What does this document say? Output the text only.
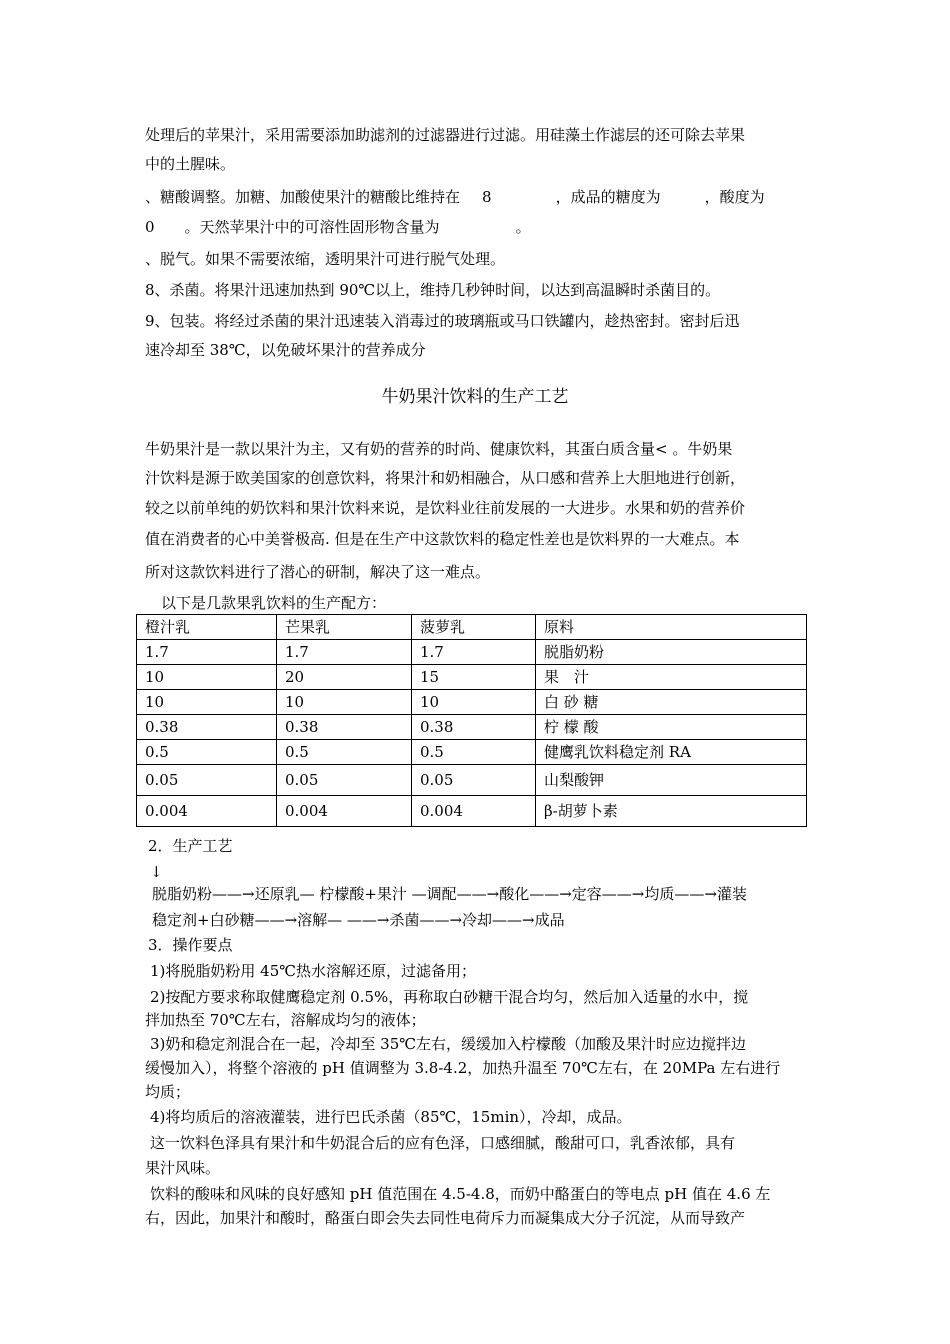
处理后的苹果汁，采用需要添加助滤剂的过滤器进行过滤。用硅藻土作滤层的还可除去苹果
中的土腥味。
、糖酸调整。加糖、加酸使果汁的糖酸比维持在 8	，成品的糖度为	，酸度为
0 。天然苹果汁中的可溶性固形物含量为	。
、脱气。如果不需要浓缩，透明果汁可进行脱气处理。
8、杀菌。将果汁迅速加热到 90℃以上，维持几秒钟时间，以达到高温瞬时杀菌目的。
9、包装。将经过杀菌的果汁迅速装入消毒过的玻璃瓶或马口铁罐内，趁热密封。密封后迅
速冷却至 38℃，以免破坏果汁的营养成分
牛奶果汁饮料的生产工艺
牛奶果汁是一款以果汁为主，又有奶的营养的时尚、健康饮料，其蛋白质含量< 。牛奶果
汁饮料是源于欧美国家的创意饮料，将果汁和奶相融合，从口感和营养上大胆地进行创新，
较之以前单纯的奶饮料和果汁饮料来说，是饮料业往前发展的一大进步。水果和奶的营养价
值在消费者的心中美誉极高. 但是在生产中这款饮料的稳定性差也是饮料界的一大难点。本
所对这款饮料进行了潜心的研制，解决了这一难点。
以下是几款果乳饮料的生产配方：
橙汁乳	芒果乳	菠萝乳	原料
1.7	1.7	1.7	脱脂奶粉
10	20	15	果　汁
10	10	10	白 砂 糖
0.38	0.38	0.38	柠 檬 酸
0.5	0.5	0.5	健鹰乳饮料稳定剂 RA
0.05	0.05	0.05	山梨酸钾
0.004	0.004	0.004	β-胡萝卜素
2．生产工艺
↓
脱脂奶粉——→还原乳— 柠檬酸+果汁 —调配——→酸化——→定容——→均质——→灌装
稳定剂+白砂糖——→溶解— ——→杀菌——→冷却——→成品
3．操作要点
1)将脱脂奶粉用 45℃热水溶解还原，过滤备用；
2)按配方要求称取健鹰稳定剂 0.5%，再称取白砂糖干混合均匀，然后加入适量的水中，搅
拌加热至 70℃左右，溶解成均匀的液体；
3)奶和稳定剂混合在一起，冷却至 35℃左右，缓缓加入柠檬酸（加酸及果汁时应边搅拌边
缓慢加入），将整个溶液的 pH 值调整为 3.8-4.2，加热升温至 70℃左右，在 20MPa 左右进行
均质；
4)将均质后的溶液灌装，进行巴氏杀菌（85℃，15min），冷却，成品。
这一饮料色泽具有果汁和牛奶混合后的应有色泽，口感细腻，酸甜可口，乳香浓郁，具有
果汁风味。
饮料的酸味和风味的良好感知 pH 值范围在 4.5-4.8，而奶中酪蛋白的等电点 pH 值在 4.6 左
右，因此，加果汁和酸时，酪蛋白即会失去同性电荷斥力而凝集成大分子沉淀，从而导致产
